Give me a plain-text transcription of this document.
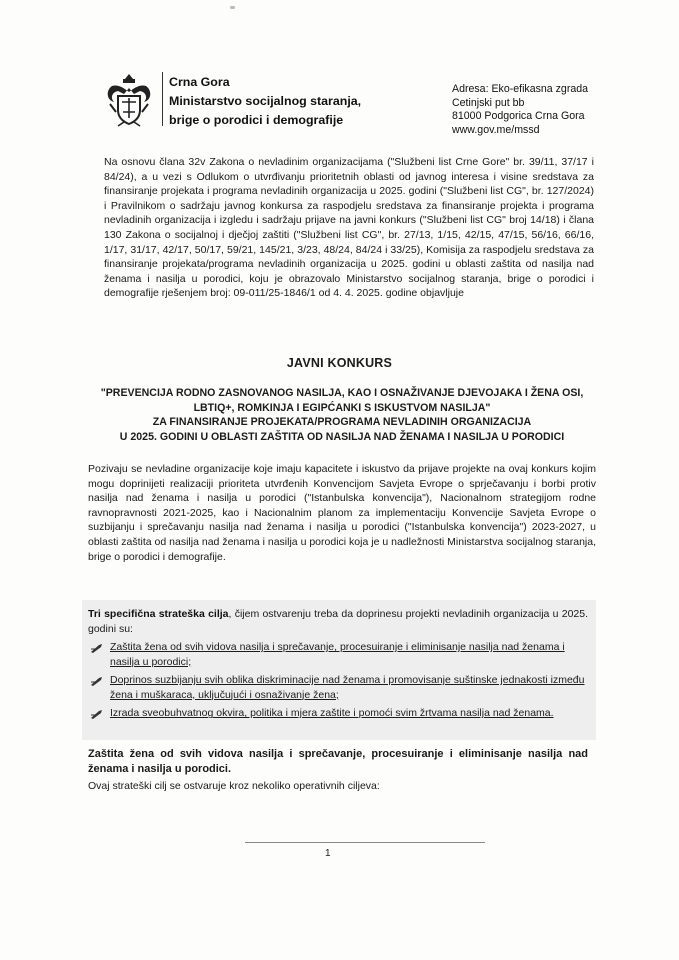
Crna Gora
Ministarstvo socijalnog staranja,
brige o porodici i demografije
Adresa: Eko-efikasna zgrada
Cetinjski put bb
81000 Podgorica Crna Gora
www.gov.me/mssd
Na osnovu člana 32v Zakona o nevladinim organizacijama ("Službeni list Crne Gore" br. 39/11, 37/17 i 84/24), a u vezi s Odlukom o utvrđivanju prioritetnih oblasti od javnog interesa i visine sredstava za finansiranje projekata i programa nevladinih organizacija u 2025. godini ("Službeni list CG", br. 127/2024) i Pravilnikom o sadržaju javnog konkursa za raspodjelu sredstava za finansiranje projekta i programa nevladinih organizacija i izgledu i sadržaju prijave na javni konkurs ("Službeni list CG" broj 14/18) i člana 130 Zakona o socijalnoj i dječjoj zaštiti ("Službeni list CG", br. 27/13, 1/15, 42/15, 47/15, 56/16, 66/16, 1/17, 31/17, 42/17, 50/17, 59/21, 145/21, 3/23, 48/24, 84/24 i 33/25), Komisija za raspodjelu sredstava za finansiranje projekata/programa nevladinih organizacija u 2025. godini u oblasti zaštita od nasilja nad ženama i nasilja u porodici, koju je obrazovalo Ministarstvo socijalnog staranja, brige o porodici i demografije rješenjem broj: 09-011/25-1846/1 od 4. 4. 2025. godine objavljuje
JAVNI KONKURS
"PREVENCIJA RODNO ZASNOVANOG NASILJA, KAO I OSNAŽIVANJE DJEVOJAKA I ŽENA OSI,
LBTIQ+, ROMKINJA I EGIPĆANKI S ISKUSTVOM NASILJA"
ZA FINANSIRANJE PROJEKATA/PROGRAMA NEVLADINIH ORGANIZACIJA
U 2025. GODINI U OBLASTI ZAŠTITA OD NASILJA NAD ŽENAMA I NASILJA U PORODICI
Pozivaju se nevladine organizacije koje imaju kapacitete i iskustvo da prijave projekte na ovaj konkurs kojim mogu doprinijeti realizaciji prioriteta utvrđenih Konvencijom Savjeta Evrope o sprječavanju i borbi protiv nasilja nad ženama i nasilja u porodici ("Istanbulska konvencija"), Nacionalnom strategijom rodne ravnopravnosti 2021-2025, kao i Nacionalnim planom za implementaciju Konvencije Savjeta Evrope o suzbijanju i sprečavanju nasilja nad ženama i nasilja u porodici ("Istanbulska konvencija") 2023-2027, u oblasti zaštita od nasilja nad ženama i nasilja u porodici koja je u nadležnosti Ministarstva socijalnog staranja, brige o porodici i demografije.
Tri specifična strateška cilja, čijem ostvarenju treba da doprinesu projekti nevladinih organizacija u 2025. godini su:
Zaštita žena od svih vidova nasilja i sprečavanje, procesuiranje i eliminisanje nasilja nad ženama i nasilja u porodici;
Doprinos suzbijanju svih oblika diskriminacije nad ženama i promovisanje suštinske jednakosti između žena i muškaraca, uključujući i osnaživanje žena;
Izrada sveobuhvatnog okvira, politika i mjera zaštite i pomoći svim žrtvama nasilja nad ženama.
Zaštita žena od svih vidova nasilja i sprečavanje, procesuiranje i eliminisanje nasilja nad ženama i nasilja u porodici.
Ovaj strateški cilj se ostvaruje kroz nekoliko operativnih ciljeva:
1
